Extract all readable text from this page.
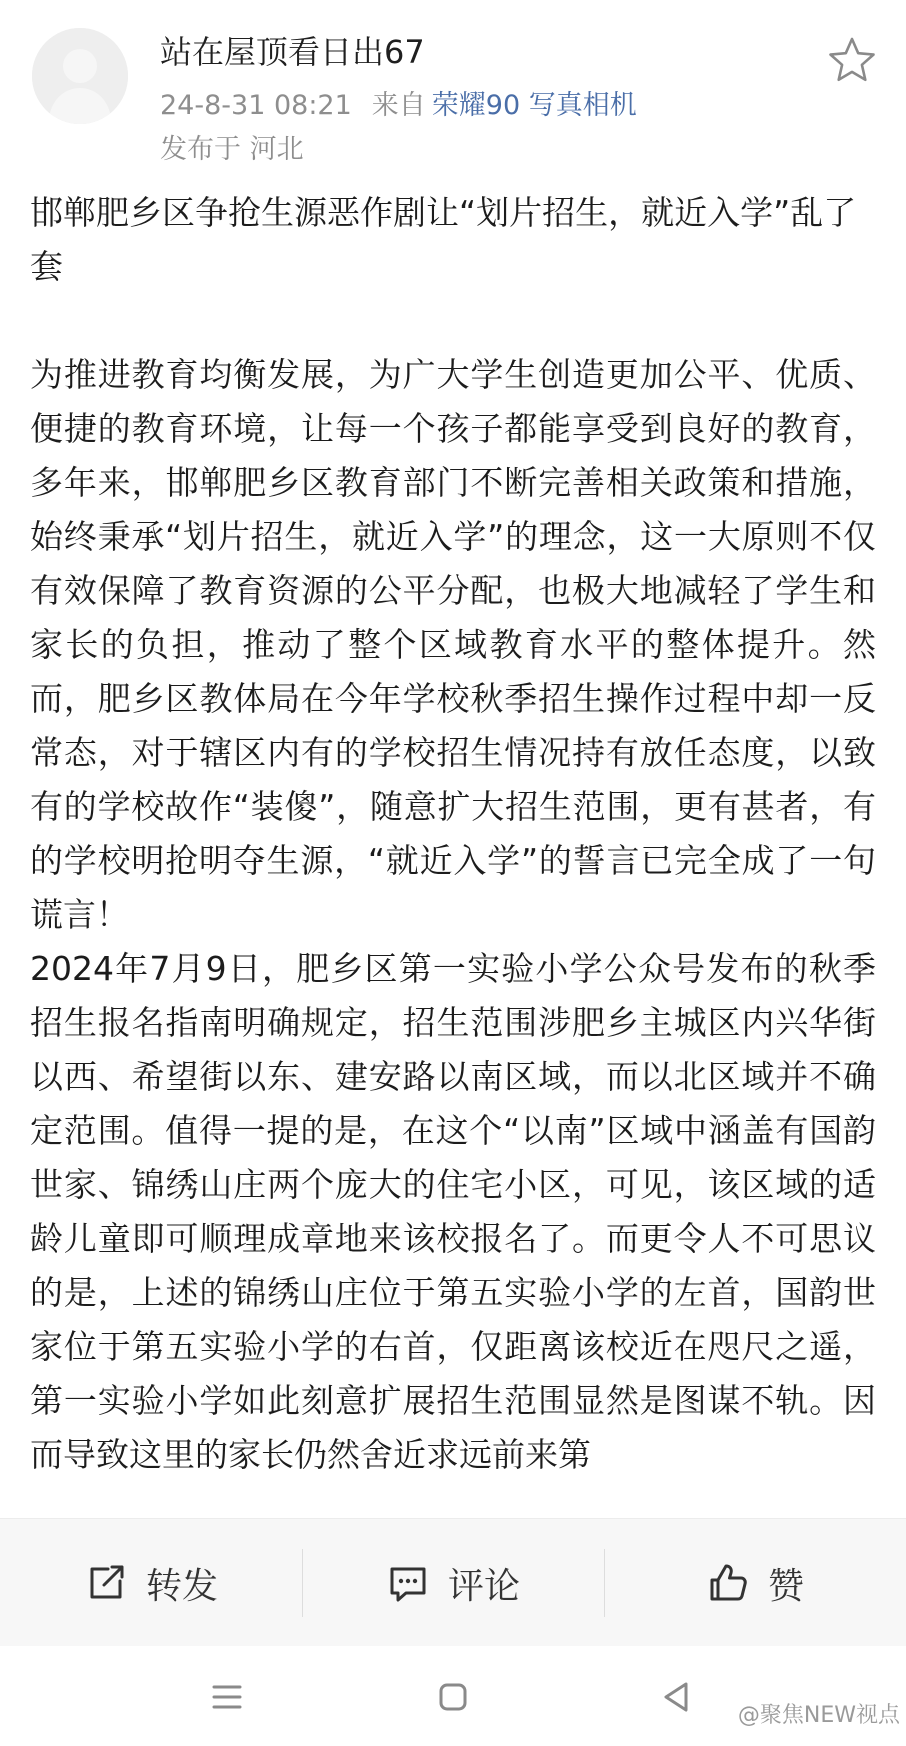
站在屋顶看日出67
24-8-31 08:21 来自 荣耀90 写真相机
发布于 河北

邯郸肥乡区争抢生源恶作剧让“划片招生，就近入学”乱了套

为推进教育均衡发展，为广大学生创造更加公平、优质、便捷的教育环境，让每一个孩子都能享受到良好的教育，多年来，邯郸肥乡区教育部门不断完善相关政策和措施，始终秉承“划片招生，就近入学”的理念，这一大原则不仅有效保障了教育资源的公平分配，也极大地减轻了学生和家长的负担，推动了整个区域教育水平的整体提升。然而，肥乡区教体局在今年学校秋季招生操作过程中却一反常态，对于辖区内有的学校招生情况持有放任态度，以致有的学校故作“装傻”，随意扩大招生范围，更有甚者，有的学校明抢明夺生源，“就近入学”的誓言已完全成了一句谎言！

2024年7月9日，肥乡区第一实验小学公众号发布的秋季招生报名指南明确规定，招生范围涉肥乡主城区内兴华街以西、希望街以东、建安路以南区域，而以北区域并不确定范围。值得一提的是，在这个“以南”区域中涵盖有国韵世家、锦绣山庄两个庞大的住宅小区，可见，该区域的适龄儿童即可顺理成章地来该校报名了。而更令人不可思议的是，上述的锦绣山庄位于第五实验小学的左首，国韵世家位于第五实验小学的右首，仅距离该校近在咫尺之遥，第一实验小学如此刻意扩展招生范围显然是图谋不轨。因而导致这里的家长仍然舍近求远前来第

转发	评论	赞
@聚焦NEW视点
